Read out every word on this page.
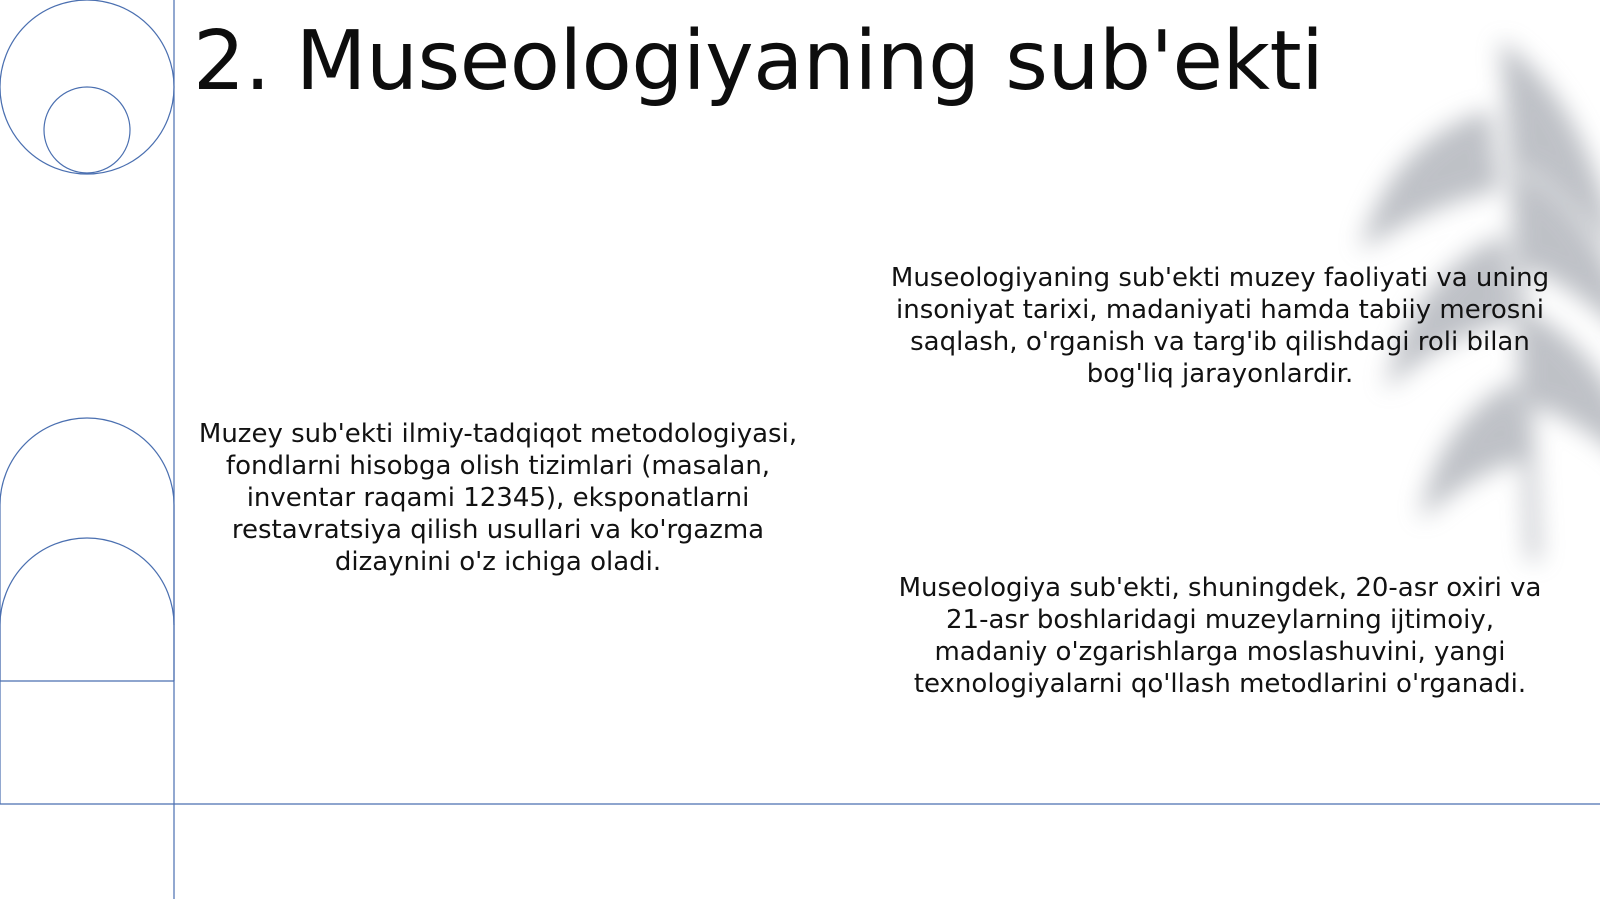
2. Museologiyaning sub'ekti

Muzey sub'ekti ilmiy-tadqiqot metodologiyasi, fondlarni hisobga olish tizimlari (masalan, inventar raqami 12345), eksponatlarni restavratsiya qilish usullari va ko'rgazma dizaynini o'z ichiga oladi.

Museologiyaning sub'ekti muzey faoliyati va uning insoniyat tarixi, madaniyati hamda tabiiy merosni saqlash, o'rganish va targ'ib qilishdagi roli bilan bog'liq jarayonlardir.

Museologiya sub'ekti, shuningdek, 20-asr oxiri va 21-asr boshlaridagi muzeylarning ijtimoiy, madaniy o'zgarishlarga moslashuvini, yangi texnologiyalarni qo'llash metodlarini o'rganadi.
